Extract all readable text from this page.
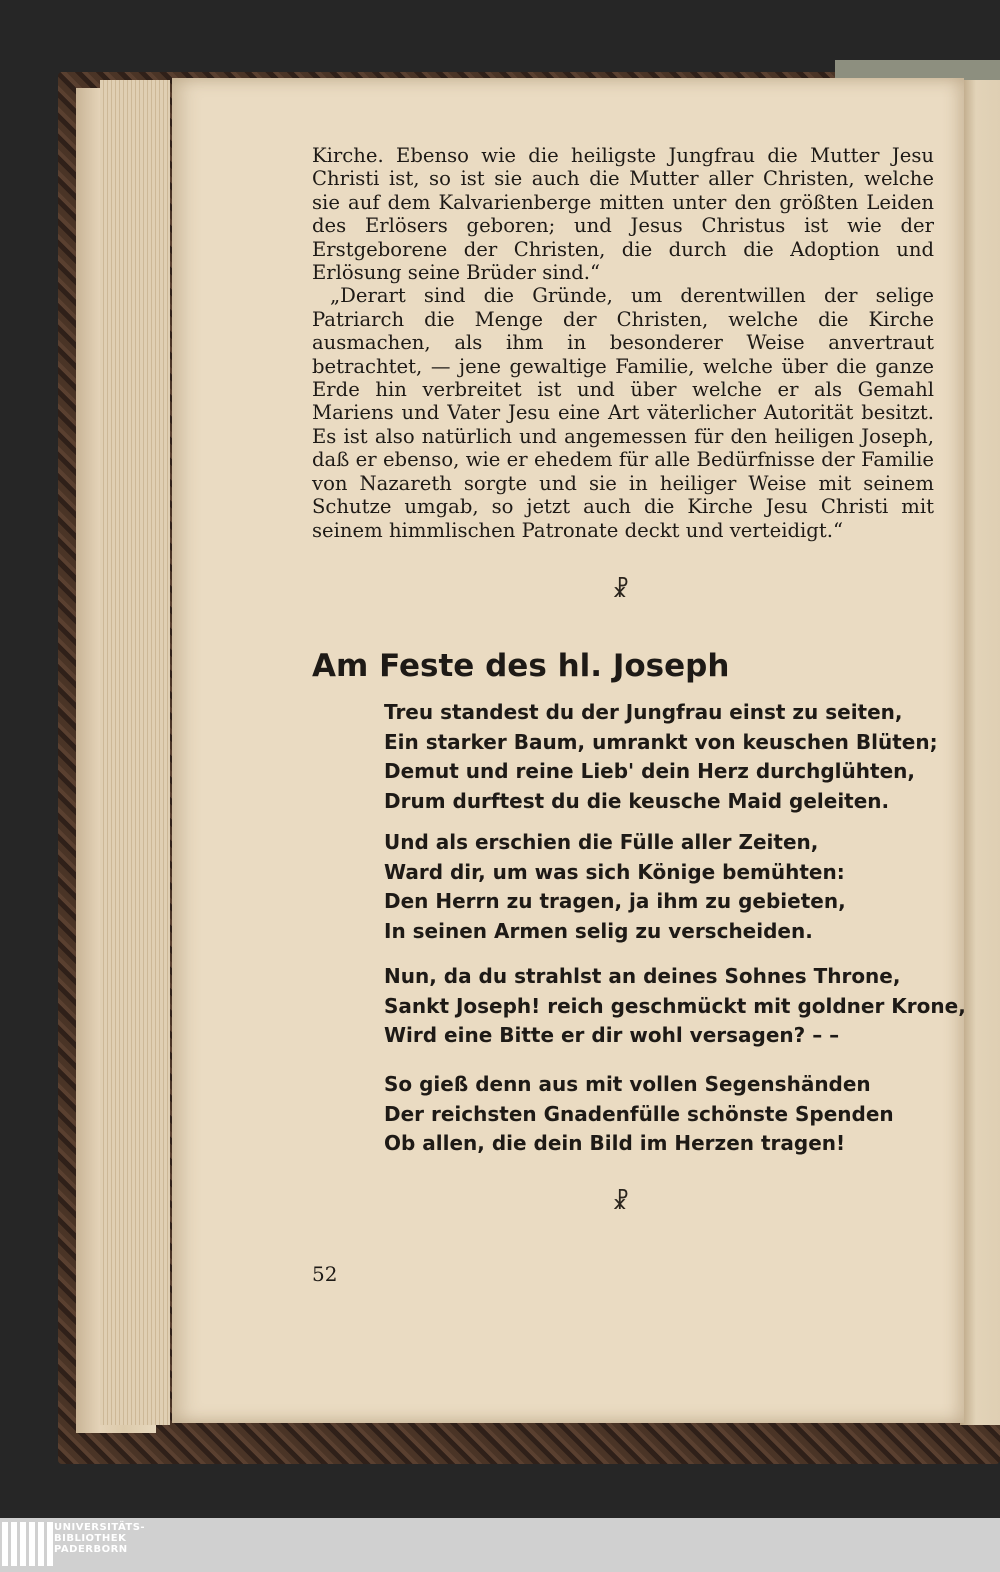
Kirche. Ebenso wie die heiligste Jungfrau die Mutter Jesu Christi ist, so ist sie auch die Mutter aller Christen, welche sie auf dem Kalvarienberge mitten unter den größten Leiden des Erlösers geboren; und Jesus Christus ist wie der Erstgeborene der Christen, die durch die Adoption und Erlösung seine Brüder sind.“

„Derart sind die Gründe, um derentwillen der selige Patriarch die Menge der Christen, welche die Kirche ausmachen, als ihm in besonderer Weise anvertraut betrachtet, — jene gewaltige Familie, welche über die ganze Erde hin verbreitet ist und über welche er als Gemahl Mariens und Vater Jesu eine Art väterlicher Autorität besitzt. Es ist also natürlich und angemessen für den heiligen Joseph, daß er ebenso, wie er ehedem für alle Bedürfnisse der Familie von Nazareth sorgte und sie in heiliger Weise mit seinem Schutze umgab, so jetzt auch die Kirche Jesu Christi mit seinem himmlischen Patronate deckt und verteidigt.“

☧
Am Feste des hl. Joseph
Treu standest du der Jungfrau einst zu seiten,
Ein starker Baum, umrankt von keuschen Blüten;
Demut und reine Lieb' dein Herz durchglühten,
Drum durftest du die keusche Maid geleiten.
Und als erschien die Fülle aller Zeiten,
Ward dir, um was sich Könige bemühten:
Den Herrn zu tragen, ja ihm zu gebieten,
In seinen Armen selig zu verscheiden.
Nun, da du strahlst an deines Sohnes Throne,
Sankt Joseph! reich geschmückt mit goldner Krone,
Wird eine Bitte er dir wohl versagen? – –
So gieß denn aus mit vollen Segenshänden
Der reichsten Gnadenfülle schönste Spenden
Ob allen, die dein Bild im Herzen tragen!
☧
52
UNIVERSITÄTS-
BIBLIOTHEK
PADERBORN
